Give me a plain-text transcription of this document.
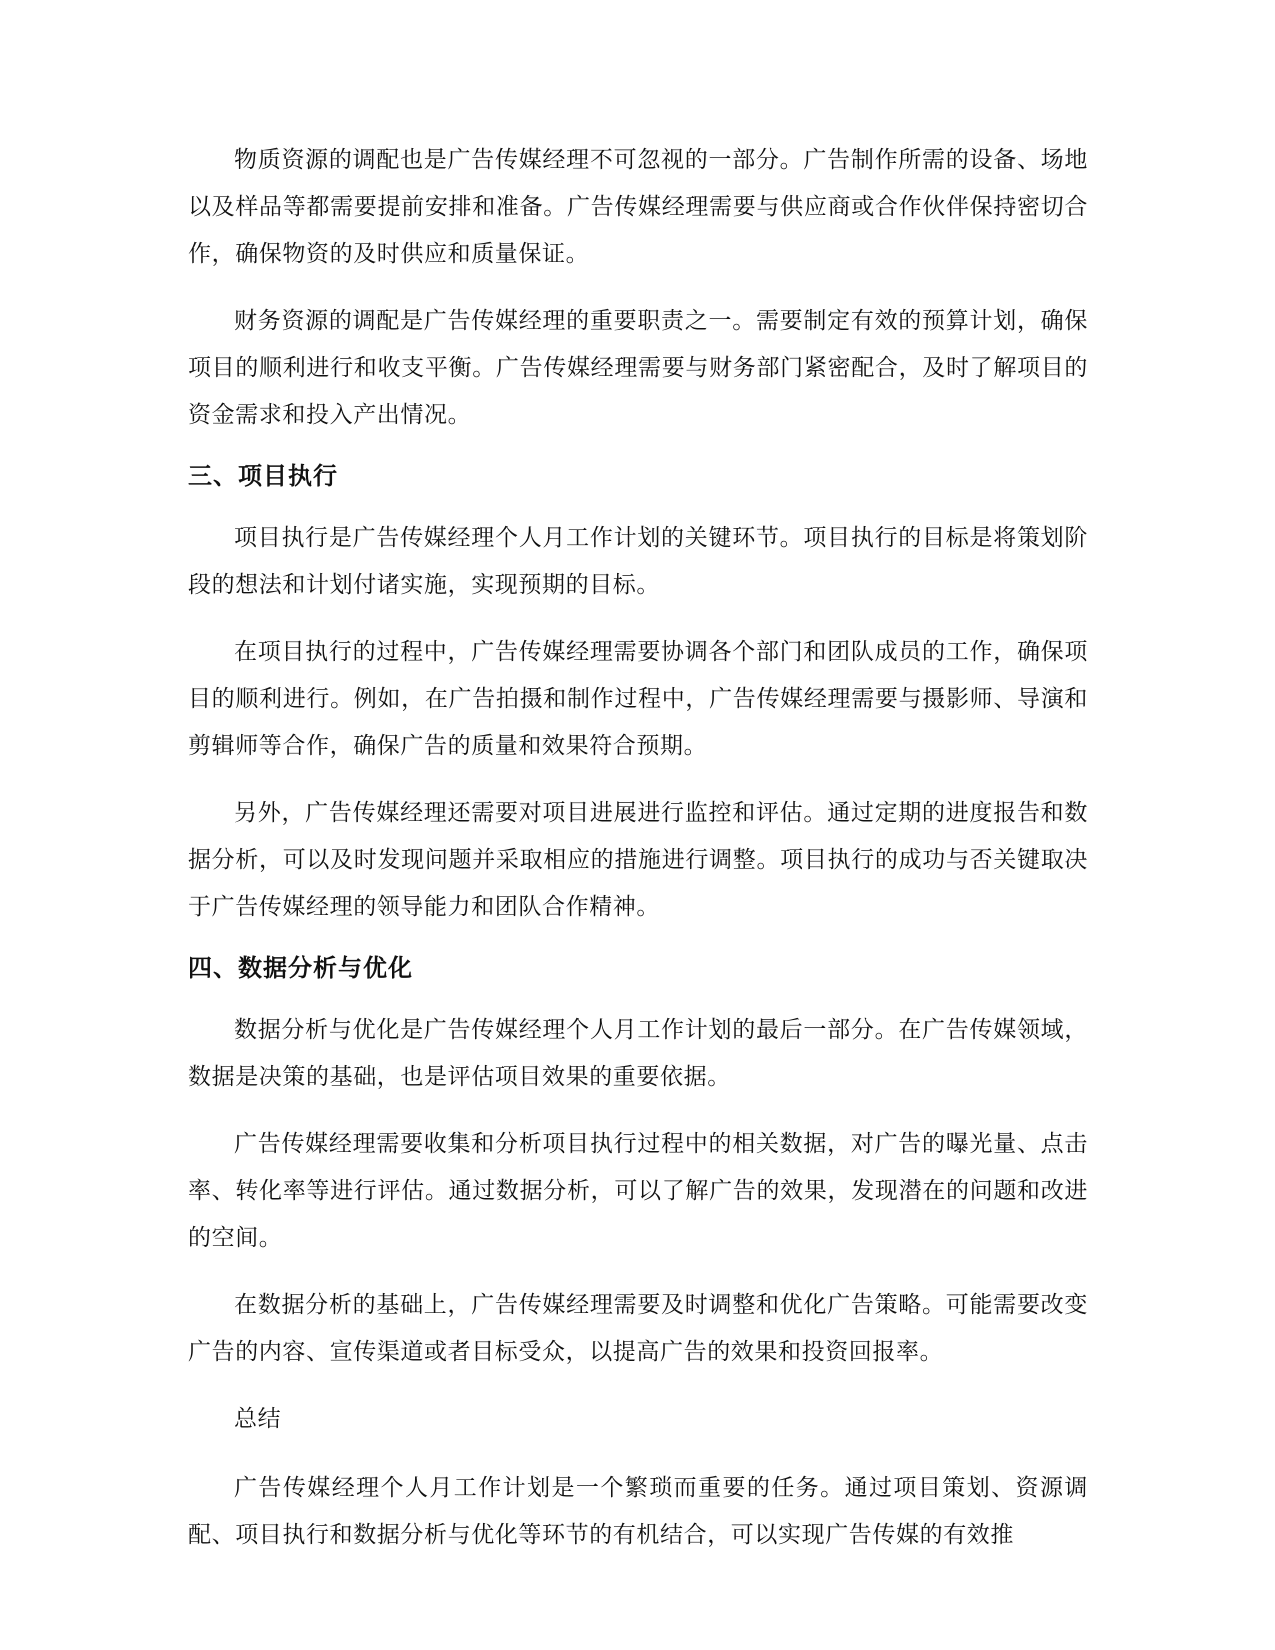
物质资源的调配也是广告传媒经理不可忽视的一部分。广告制作所需的设备、场地以及样品等都需要提前安排和准备。广告传媒经理需要与供应商或合作伙伴保持密切合作，确保物资的及时供应和质量保证。

财务资源的调配是广告传媒经理的重要职责之一。需要制定有效的预算计划，确保项目的顺利进行和收支平衡。广告传媒经理需要与财务部门紧密配合，及时了解项目的资金需求和投入产出情况。

三、项目执行

项目执行是广告传媒经理个人月工作计划的关键环节。项目执行的目标是将策划阶段的想法和计划付诸实施，实现预期的目标。

在项目执行的过程中，广告传媒经理需要协调各个部门和团队成员的工作，确保项目的顺利进行。例如，在广告拍摄和制作过程中，广告传媒经理需要与摄影师、导演和剪辑师等合作，确保广告的质量和效果符合预期。

另外，广告传媒经理还需要对项目进展进行监控和评估。通过定期的进度报告和数据分析，可以及时发现问题并采取相应的措施进行调整。项目执行的成功与否关键取决于广告传媒经理的领导能力和团队合作精神。

四、数据分析与优化

数据分析与优化是广告传媒经理个人月工作计划的最后一部分。在广告传媒领域，数据是决策的基础，也是评估项目效果的重要依据。

广告传媒经理需要收集和分析项目执行过程中的相关数据，对广告的曝光量、点击率、转化率等进行评估。通过数据分析，可以了解广告的效果，发现潜在的问题和改进的空间。

在数据分析的基础上，广告传媒经理需要及时调整和优化广告策略。可能需要改变广告的内容、宣传渠道或者目标受众，以提高广告的效果和投资回报率。

总结

广告传媒经理个人月工作计划是一个繁琐而重要的任务。通过项目策划、资源调配、项目执行和数据分析与优化等环节的有机结合，可以实现广告传媒的有效推
